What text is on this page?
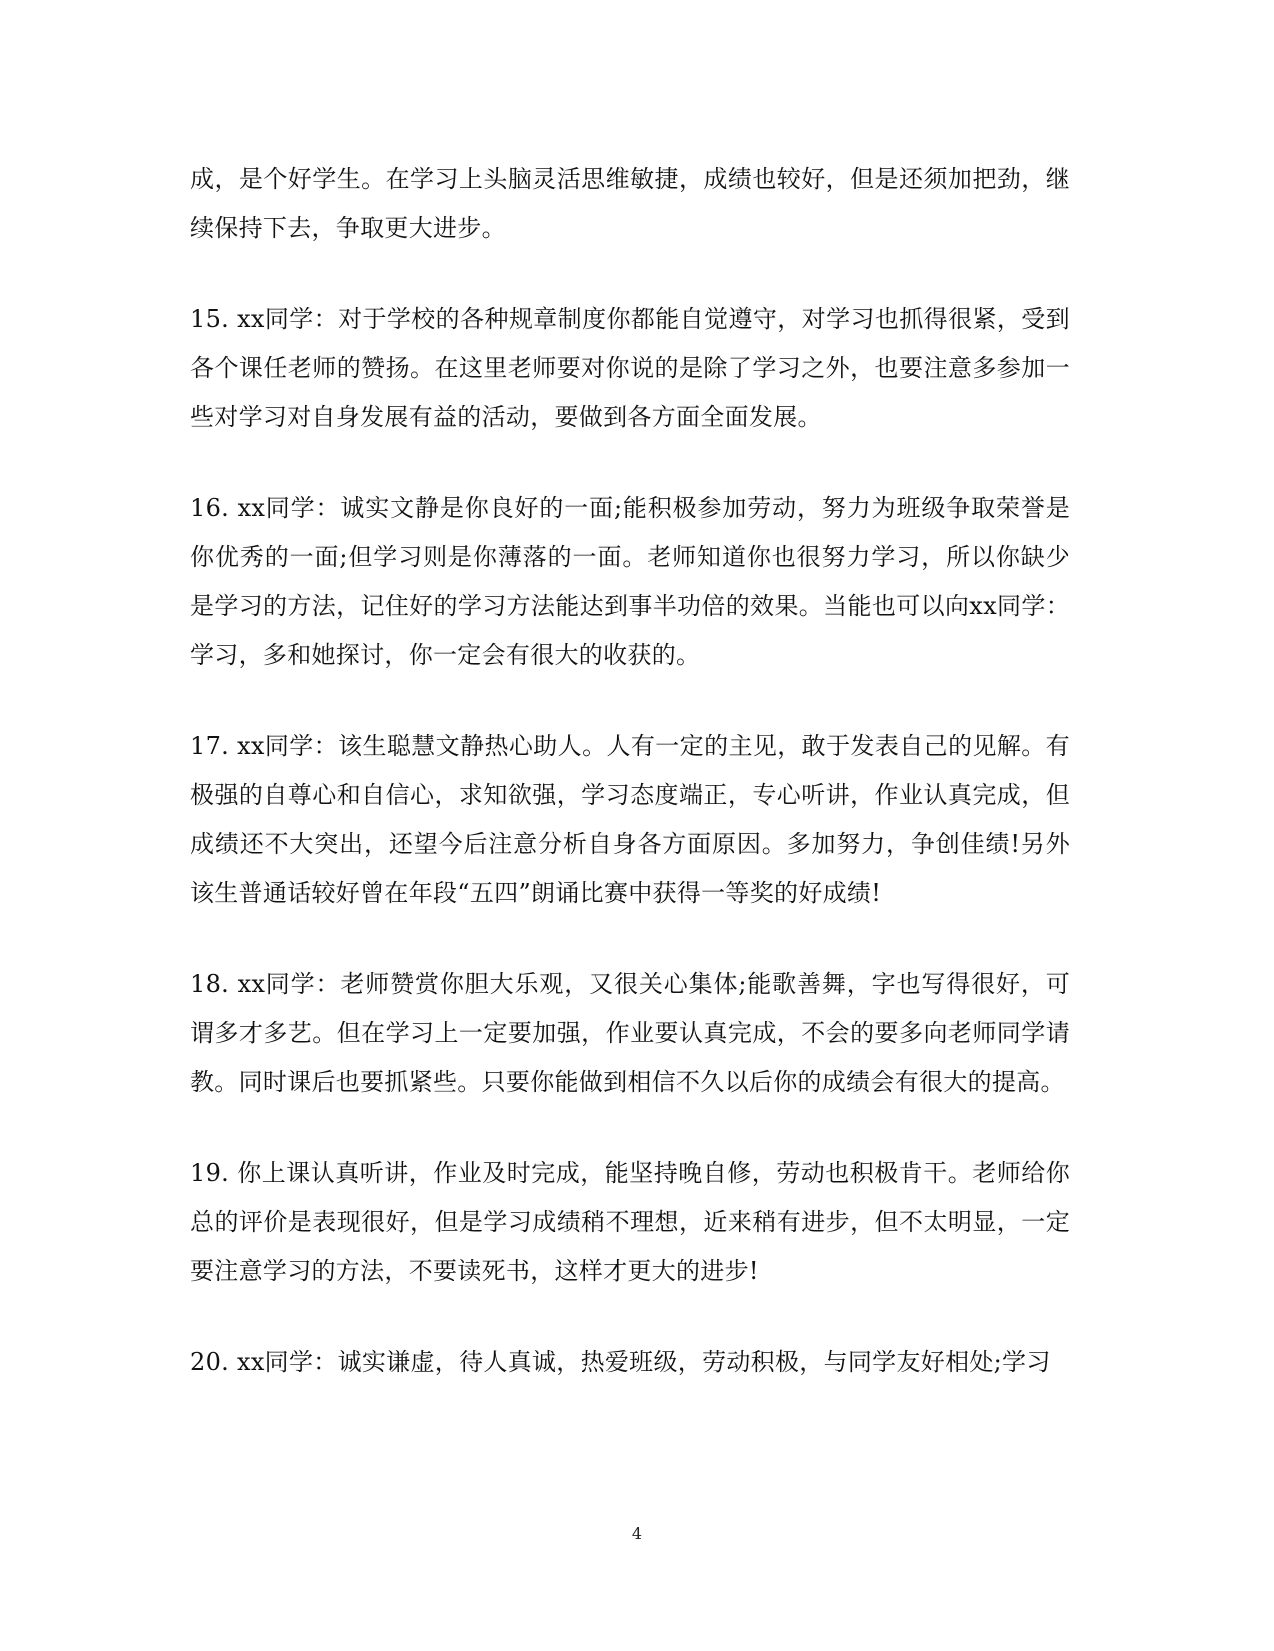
成，是个好学生。在学习上头脑灵活思维敏捷，成绩也较好，但是还须加把劲，继续保持下去，争取更大进步。

15. xx同学：对于学校的各种规章制度你都能自觉遵守，对学习也抓得很紧，受到各个课任老师的赞扬。在这里老师要对你说的是除了学习之外，也要注意多参加一些对学习对自身发展有益的活动，要做到各方面全面发展。

16. xx同学：诚实文静是你良好的一面;能积极参加劳动，努力为班级争取荣誉是你优秀的一面;但学习则是你薄落的一面。老师知道你也很努力学习，所以你缺少是学习的方法，记住好的学习方法能达到事半功倍的效果。当能也可以向xx同学：学习，多和她探讨，你一定会有很大的收获的。

17. xx同学：该生聪慧文静热心助人。人有一定的主见，敢于发表自己的见解。有极强的自尊心和自信心，求知欲强，学习态度端正，专心听讲，作业认真完成，但成绩还不大突出，还望今后注意分析自身各方面原因。多加努力，争创佳绩!另外该生普通话较好曾在年段“五四”朗诵比赛中获得一等奖的好成绩!

18. xx同学：老师赞赏你胆大乐观，又很关心集体;能歌善舞，字也写得很好，可谓多才多艺。但在学习上一定要加强，作业要认真完成，不会的要多向老师同学请教。同时课后也要抓紧些。只要你能做到相信不久以后你的成绩会有很大的提高。

19. 你上课认真听讲，作业及时完成，能坚持晚自修，劳动也积极肯干。老师给你总的评价是表现很好，但是学习成绩稍不理想，近来稍有进步，但不太明显，一定要注意学习的方法，不要读死书，这样才更大的进步!

20. xx同学：诚实谦虚，待人真诚，热爱班级，劳动积极，与同学友好相处;学习

4
